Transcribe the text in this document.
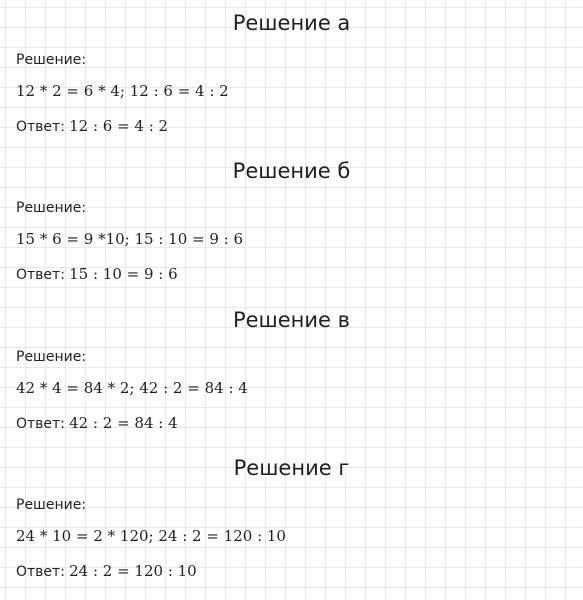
Решение а
Решение:
12 * 2 = 6 * 4; 12 : 6 = 4 : 2
Ответ: 12 : 6 = 4 : 2
Решение б
Решение:
15 * 6 = 9 *10; 15 : 10 = 9 : 6
Ответ: 15 : 10 = 9 : 6
Решение в
Решение:
42 * 4 = 84 * 2; 42 : 2 = 84 : 4
Ответ: 42 : 2 = 84 : 4
Решение г
Решение:
24 * 10 = 2 * 120; 24 : 2 = 120 : 10
Ответ: 24 : 2 = 120 : 10
